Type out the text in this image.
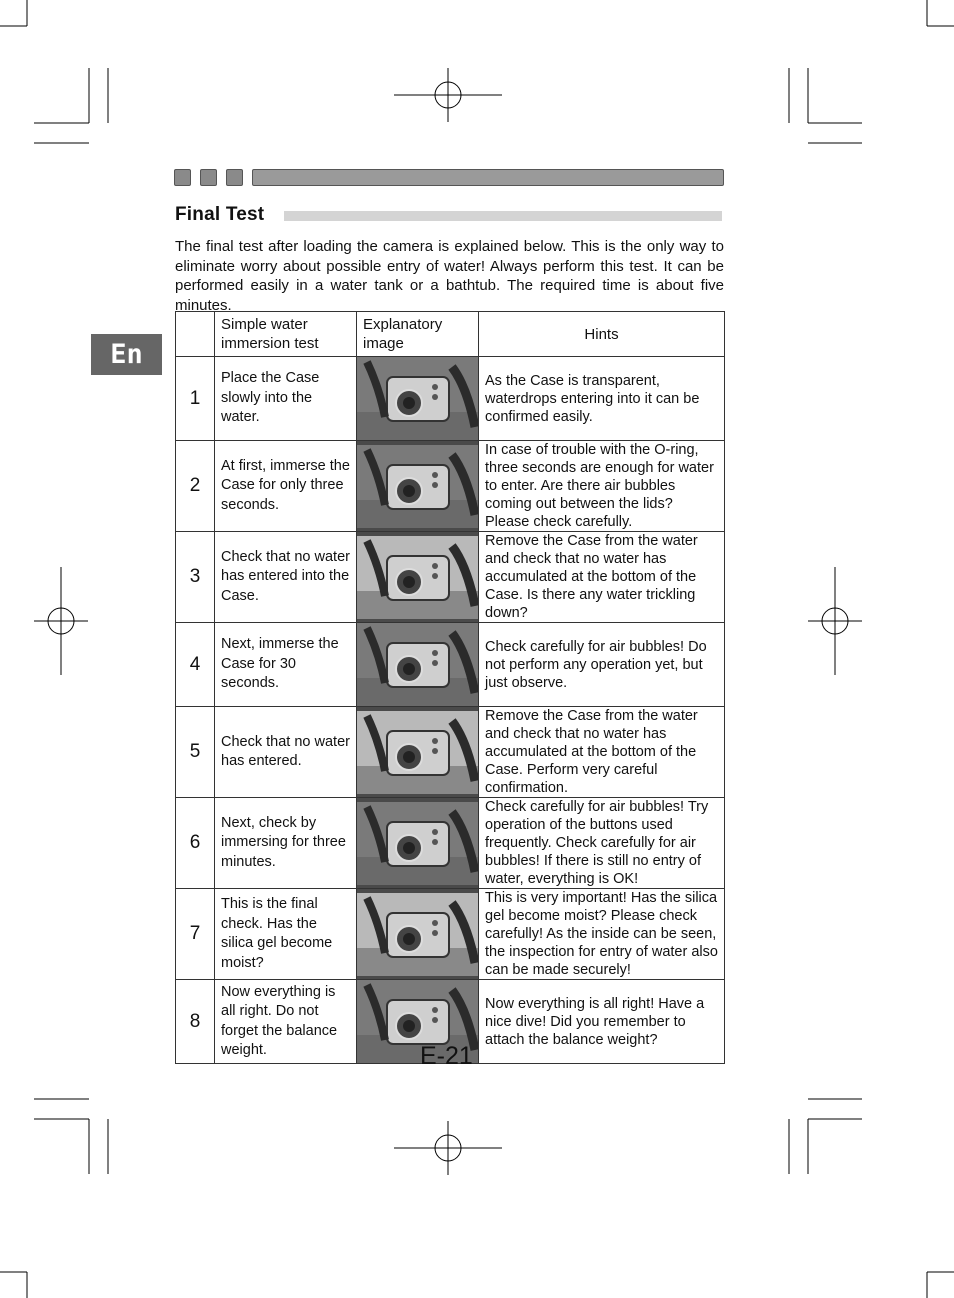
Final Test
The final test after loading the camera is explained below. This is the only way to eliminate worry about possible entry of water! Always perform this test. It can be performed easily in a water tank or a bathtub. The required time is about five minutes.
En
	Simple water immersion test	Explanatory image	Hints
1	Place the Case slowly into the water.		As the Case is transparent, waterdrops entering into it can be confirmed easily.
2	At first, immerse the Case for only three seconds.		In case of trouble with the O-ring, three seconds are enough for water to enter. Are there air bubbles coming out between the lids? Please check carefully.
3	Check that no water has entered into the Case.		Remove the Case from the water and check that no water has accumulated at the bottom of the Case. Is there any water trickling down?
4	Next, immerse the Case for 30 seconds.		Check carefully for air bubbles! Do not perform any operation yet, but just observe.
5	Check that no water has entered.		Remove the Case from the water and check that no water has accumulated at the bottom of the Case. Perform very careful confirmation.
6	Next, check by immersing for three minutes.		Check carefully for air bubbles! Try operation of the buttons used frequently. Check carefully for air bubbles! If there is still no entry of water, everything is OK!
7	This is the final check. Has the silica gel become moist?		This is very important! Has the silica gel become moist? Please check carefully! As the inside can be seen, the inspection for entry of water also can be made securely!
8	Now everything is all right. Do not forget the balance weight.		Now everything is all right! Have a nice dive! Did you remember to attach the balance weight?
E-21
